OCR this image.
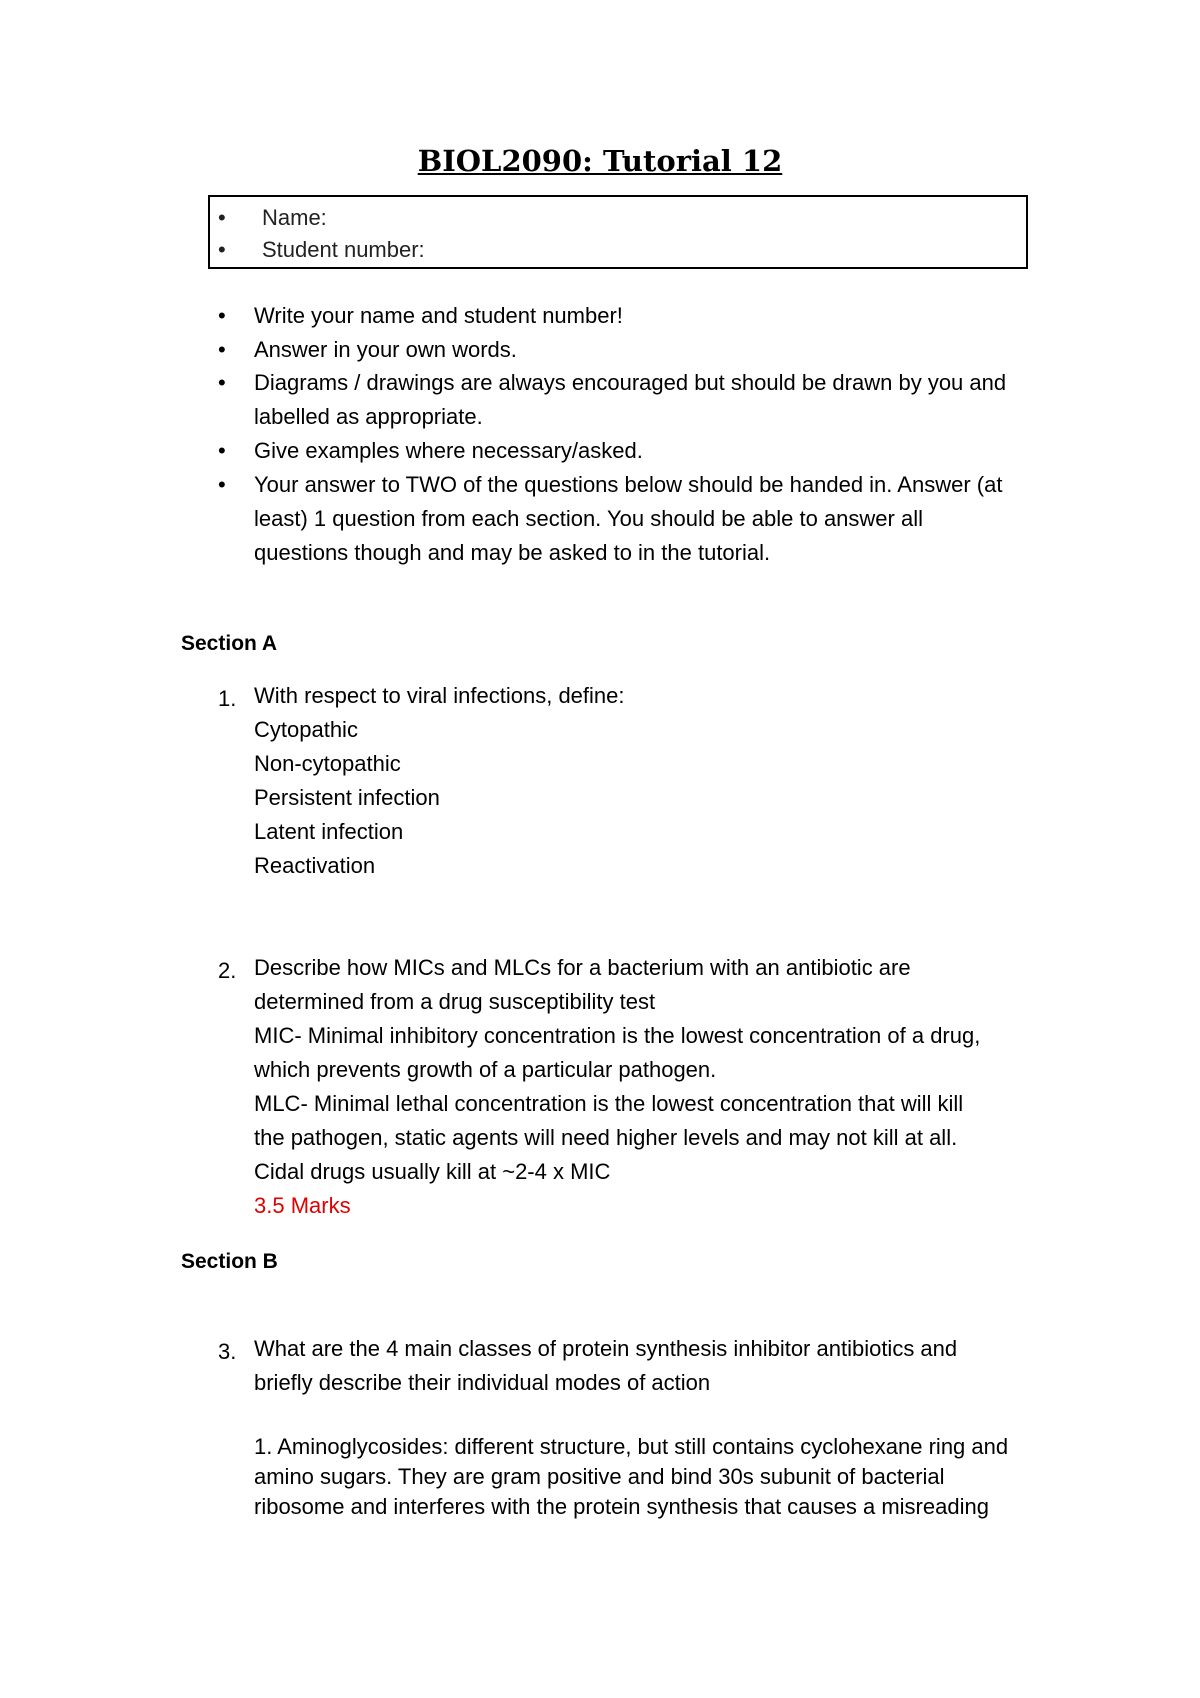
BIOL2090: Tutorial 12
• Name:
• Student number:
• Write your name and student number!
• Answer in your own words.
• Diagrams / drawings are always encouraged but should be drawn by you and
labelled as appropriate.
• Give examples where necessary/asked.
• Your answer to TWO of the questions below should be handed in. Answer (at
least) 1 question from each section. You should be able to answer all
questions though and may be asked to in the tutorial.
Section A
1. With respect to viral infections, define:
Cytopathic
Non-cytopathic
Persistent infection
Latent infection
Reactivation
2. Describe how MICs and MLCs for a bacterium with an antibiotic are
determined from a drug susceptibility test
MIC- Minimal inhibitory concentration is the lowest concentration of a drug,
which prevents growth of a particular pathogen.
MLC- Minimal lethal concentration is the lowest concentration that will kill
the pathogen, static agents will need higher levels and may not kill at all.
Cidal drugs usually kill at ~2-4 x MIC
3.5 Marks
Section B
3. What are the 4 main classes of protein synthesis inhibitor antibiotics and
briefly describe their individual modes of action
1. Aminoglycosides: different structure, but still contains cyclohexane ring and
amino sugars. They are gram positive and bind 30s subunit of bacterial
ribosome and interferes with the protein synthesis that causes a misreading
